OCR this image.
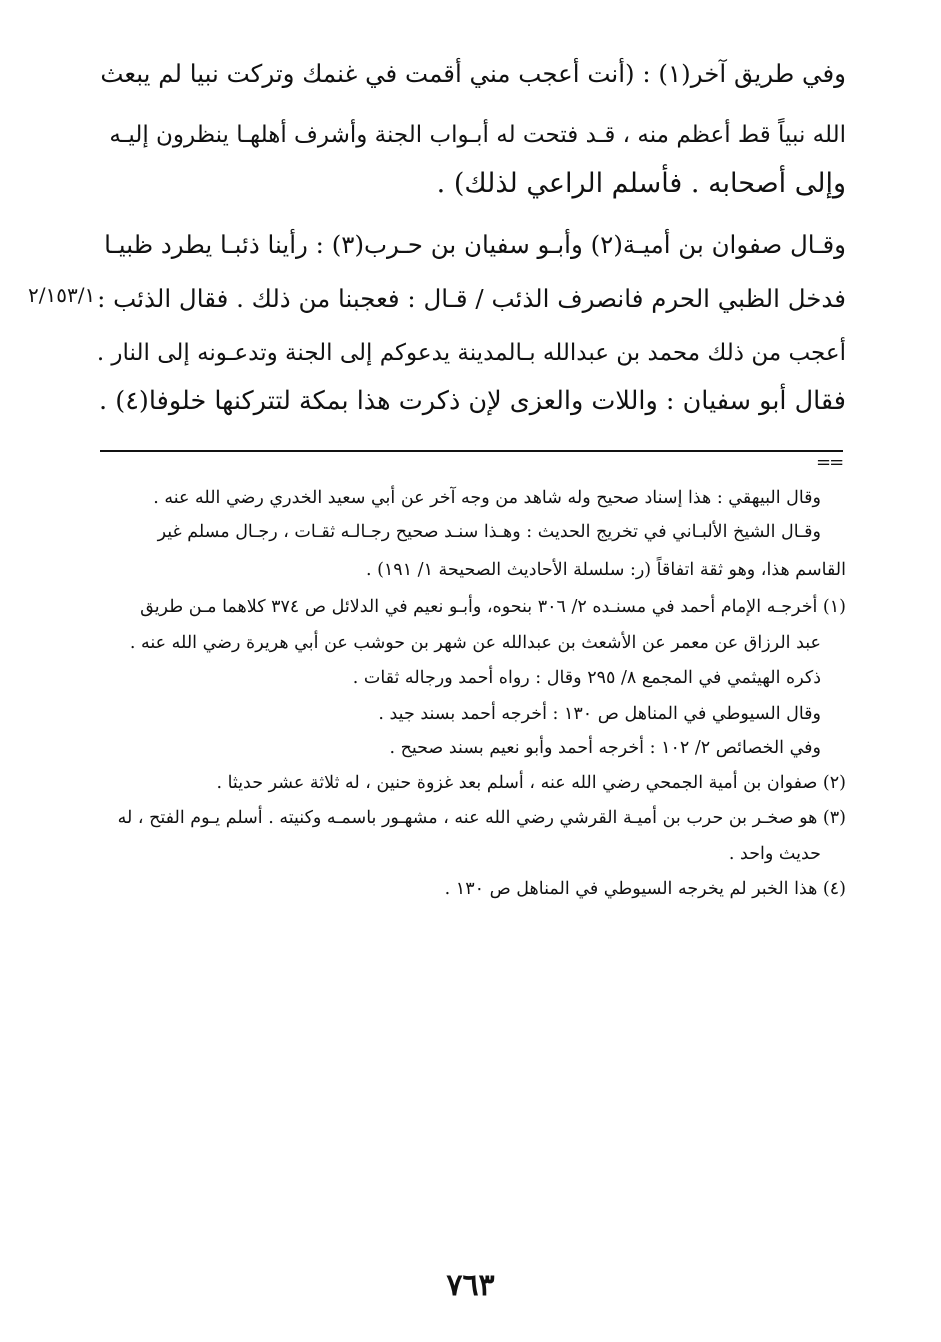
وفي طريق آخر(١) : (أنت أعجب مني أقمت في غنمك وتركت نبيا لم يبعث
الله نبياً قط أعظم منه ، قـد فتحت له أبـواب الجنة وأشرف أهلهـا ينظرون إليـه
وإلى أصحابه . فأسلم الراعي لذلك) .
وقـال صفوان بن أميـة(٢) وأبـو سفيان بن حـرب(٣) : رأينا ذئبـا يطرد ظبيـا
فدخل الظبي الحرم فانصرف الذئب / قـال : فعجبنا من ذلك . فقال الذئب :
أعجب من ذلك محمد بن عبدالله بـالمدينة يدعوكم إلى الجنة وتدعـونه إلى النار .
فقال أبو سفيان : واللات والعزى لإن ذكرت هذا بمكة لتتركنها خلوفا(٤) .
٢/١٥٣/١
==
وقال البيهقي : هذا إسناد صحيح وله شاهد من وجه آخر عن أبي سعيد الخدري رضي الله عنه .
وقـال الشيخ الألبـاني في تخريج الحديث : وهـذا سنـد صحيح رجـالـه ثقـات ، رجـال مسلم غير
القاسم هذا، وهو ثقة اتفاقاً (ر: سلسلة الأحاديث الصحيحة ١/ ١٩١) .
(١) أخرجـه الإمام أحمد في مسنـده ٢/ ٣٠٦ بنحوه، وأبـو نعيم في الدلائل ص ٣٧٤ كلاهما مـن طريق
عبد الرزاق عن معمر عن الأشعث بن عبدالله عن شهر بن حوشب عن أبي هريرة رضي الله عنه .
ذكره الهيثمي في المجمع ٨/ ٢٩٥ وقال : رواه أحمد ورجاله ثقات .
وقال السيوطي في المناهل ص ١٣٠ : أخرجه أحمد بسند جيد .
وفي الخصائص ٢/ ١٠٢ : أخرجه أحمد وأبو نعيم بسند صحيح .
(٢) صفوان بن أمية الجمحي رضي الله عنه ، أسلم بعد غزوة حنين ، له ثلاثة عشر حديثا .
(٣) هو صخـر بن حرب بن أميـة القرشي رضي الله عنه ، مشهـور باسمـه وكنيته . أسلم يـوم الفتح ، له
حديث واحد .
(٤) هذا الخبر لم يخرجه السيوطي في المناهل ص ١٣٠ .
٧٦٣
